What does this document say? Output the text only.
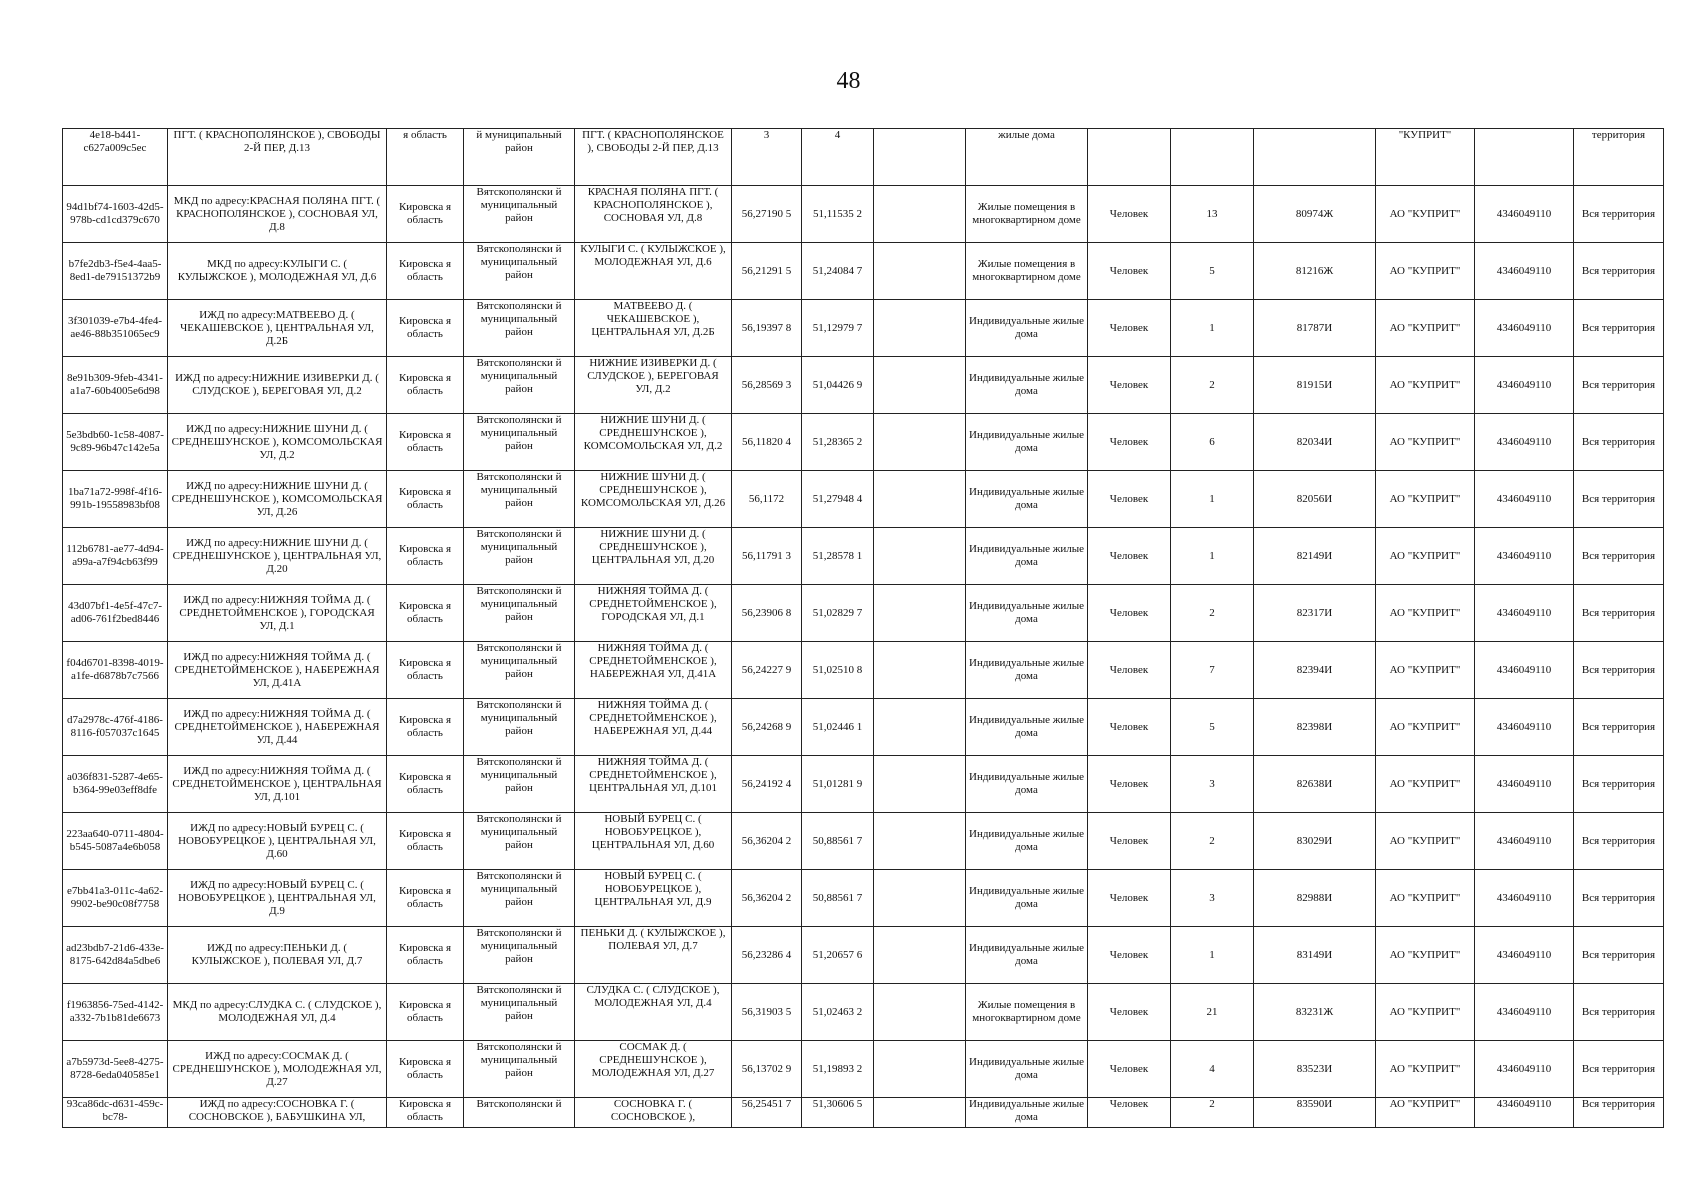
48
4e18-b441-c627a009c5ec	ПГТ. ( КРАСНОПОЛЯНСКОЕ ), СВОБОДЫ 2-Й ПЕР, Д.13	я область	й муниципальный район	ПГТ. ( КРАСНОПОЛЯНСКОЕ ), СВОБОДЫ 2-Й ПЕР, Д.13	3	4		жилые дома				"КУПРИТ"		территория
94d1bf74-1603-42d5-978b-cd1cd379c670	МКД по адресу:КРАСНАЯ ПОЛЯНА ПГТ. ( КРАСНОПОЛЯНСКОЕ ), СОСНОВАЯ УЛ, Д.8	Кировска я область	Вятскополянски й муниципальный район	КРАСНАЯ ПОЛЯНА ПГТ. ( КРАСНОПОЛЯНСКОЕ ), СОСНОВАЯ УЛ, Д.8	56,27190 5	51,11535 2		Жилые помещения в многоквартирном доме	Человек	13	80974Ж	АО "КУПРИТ"	4346049110	Вся территория
b7fe2db3-f5e4-4aa5-8ed1-de79151372b9	МКД по адресу:КУЛЫГИ С. ( КУЛЫЖСКОЕ ), МОЛОДЕЖНАЯ УЛ, Д.6	Кировска я область	Вятскополянски й муниципальный район	КУЛЫГИ С. ( КУЛЫЖСКОЕ ), МОЛОДЕЖНАЯ УЛ, Д.6	56,21291 5	51,24084 7		Жилые помещения в многоквартирном доме	Человек	5	81216Ж	АО "КУПРИТ"	4346049110	Вся территория
3f301039-e7b4-4fe4-ae46-88b351065ec9	ИЖД по адресу:МАТВЕЕВО Д. ( ЧЕКАШЕВСКОЕ ), ЦЕНТРАЛЬНАЯ УЛ, Д.2Б	Кировска я область	Вятскополянски й муниципальный район	МАТВЕЕВО Д. ( ЧЕКАШЕВСКОЕ ), ЦЕНТРАЛЬНАЯ УЛ, Д.2Б	56,19397 8	51,12979 7		Индивидуальные жилые дома	Человек	1	81787И	АО "КУПРИТ"	4346049110	Вся территория
8e91b309-9feb-4341-a1a7-60b4005e6d98	ИЖД по адресу:НИЖНИЕ ИЗИВЕРКИ Д. ( СЛУДСКОЕ ), БЕРЕГОВАЯ УЛ, Д.2	Кировска я область	Вятскополянски й муниципальный район	НИЖНИЕ ИЗИВЕРКИ Д. ( СЛУДСКОЕ ), БЕРЕГОВАЯ УЛ, Д.2	56,28569 3	51,04426 9		Индивидуальные жилые дома	Человек	2	81915И	АО "КУПРИТ"	4346049110	Вся территория
5e3bdb60-1c58-4087-9c89-96b47c142e5a	ИЖД по адресу:НИЖНИЕ ШУНИ Д. ( СРЕДНЕШУНСКОЕ ), КОМСОМОЛЬСКАЯ УЛ, Д.2	Кировска я область	Вятскополянски й муниципальный район	НИЖНИЕ ШУНИ Д. ( СРЕДНЕШУНСКОЕ ), КОМСОМОЛЬСКАЯ УЛ, Д.2	56,11820 4	51,28365 2		Индивидуальные жилые дома	Человек	6	82034И	АО "КУПРИТ"	4346049110	Вся территория
1ba71a72-998f-4f16-991b-19558983bf08	ИЖД по адресу:НИЖНИЕ ШУНИ Д. ( СРЕДНЕШУНСКОЕ ), КОМСОМОЛЬСКАЯ УЛ, Д.26	Кировска я область	Вятскополянски й муниципальный район	НИЖНИЕ ШУНИ Д. ( СРЕДНЕШУНСКОЕ ), КОМСОМОЛЬСКАЯ УЛ, Д.26	56,1172	51,27948 4		Индивидуальные жилые дома	Человек	1	82056И	АО "КУПРИТ"	4346049110	Вся территория
112b6781-ae77-4d94-a99a-a7f94cb63f99	ИЖД по адресу:НИЖНИЕ ШУНИ Д. ( СРЕДНЕШУНСКОЕ ), ЦЕНТРАЛЬНАЯ УЛ, Д.20	Кировска я область	Вятскополянски й муниципальный район	НИЖНИЕ ШУНИ Д. ( СРЕДНЕШУНСКОЕ ), ЦЕНТРАЛЬНАЯ УЛ, Д.20	56,11791 3	51,28578 1		Индивидуальные жилые дома	Человек	1	82149И	АО "КУПРИТ"	4346049110	Вся территория
43d07bf1-4e5f-47c7-ad06-761f2bed8446	ИЖД по адресу:НИЖНЯЯ ТОЙМА Д. ( СРЕДНЕТОЙМЕНСКОЕ ), ГОРОДСКАЯ УЛ, Д.1	Кировска я область	Вятскополянски й муниципальный район	НИЖНЯЯ ТОЙМА Д. ( СРЕДНЕТОЙМЕНСКОЕ ), ГОРОДСКАЯ УЛ, Д.1	56,23906 8	51,02829 7		Индивидуальные жилые дома	Человек	2	82317И	АО "КУПРИТ"	4346049110	Вся территория
f04d6701-8398-4019-a1fe-d6878b7c7566	ИЖД по адресу:НИЖНЯЯ ТОЙМА Д. ( СРЕДНЕТОЙМЕНСКОЕ ), НАБЕРЕЖНАЯ УЛ, Д.41А	Кировска я область	Вятскополянски й муниципальный район	НИЖНЯЯ ТОЙМА Д. ( СРЕДНЕТОЙМЕНСКОЕ ), НАБЕРЕЖНАЯ УЛ, Д.41А	56,24227 9	51,02510 8		Индивидуальные жилые дома	Человек	7	82394И	АО "КУПРИТ"	4346049110	Вся территория
d7a2978c-476f-4186-8116-f057037c1645	ИЖД по адресу:НИЖНЯЯ ТОЙМА Д. ( СРЕДНЕТОЙМЕНСКОЕ ), НАБЕРЕЖНАЯ УЛ, Д.44	Кировска я область	Вятскополянски й муниципальный район	НИЖНЯЯ ТОЙМА Д. ( СРЕДНЕТОЙМЕНСКОЕ ), НАБЕРЕЖНАЯ УЛ, Д.44	56,24268 9	51,02446 1		Индивидуальные жилые дома	Человек	5	82398И	АО "КУПРИТ"	4346049110	Вся территория
a036f831-5287-4e65-b364-99e03eff8dfe	ИЖД по адресу:НИЖНЯЯ ТОЙМА Д. ( СРЕДНЕТОЙМЕНСКОЕ ), ЦЕНТРАЛЬНАЯ УЛ, Д.101	Кировска я область	Вятскополянски й муниципальный район	НИЖНЯЯ ТОЙМА Д. ( СРЕДНЕТОЙМЕНСКОЕ ), ЦЕНТРАЛЬНАЯ УЛ, Д.101	56,24192 4	51,01281 9		Индивидуальные жилые дома	Человек	3	82638И	АО "КУПРИТ"	4346049110	Вся территория
223aa640-0711-4804-b545-5087a4e6b058	ИЖД по адресу:НОВЫЙ БУРЕЦ С. ( НОВОБУРЕЦКОЕ ), ЦЕНТРАЛЬНАЯ УЛ, Д.60	Кировска я область	Вятскополянски й муниципальный район	НОВЫЙ БУРЕЦ С. ( НОВОБУРЕЦКОЕ ), ЦЕНТРАЛЬНАЯ УЛ, Д.60	56,36204 2	50,88561 7		Индивидуальные жилые дома	Человек	2	83029И	АО "КУПРИТ"	4346049110	Вся территория
e7bb41a3-011c-4a62-9902-be90c08f7758	ИЖД по адресу:НОВЫЙ БУРЕЦ С. ( НОВОБУРЕЦКОЕ ), ЦЕНТРАЛЬНАЯ УЛ, Д.9	Кировска я область	Вятскополянски й муниципальный район	НОВЫЙ БУРЕЦ С. ( НОВОБУРЕЦКОЕ ), ЦЕНТРАЛЬНАЯ УЛ, Д.9	56,36204 2	50,88561 7		Индивидуальные жилые дома	Человек	3	82988И	АО "КУПРИТ"	4346049110	Вся территория
ad23bdb7-21d6-433e-8175-642d84a5dbe6	ИЖД по адресу:ПЕНЬКИ Д. ( КУЛЫЖСКОЕ ), ПОЛЕВАЯ УЛ, Д.7	Кировска я область	Вятскополянски й муниципальный район	ПЕНЬКИ Д. ( КУЛЫЖСКОЕ ), ПОЛЕВАЯ УЛ, Д.7	56,23286 4	51,20657 6		Индивидуальные жилые дома	Человек	1	83149И	АО "КУПРИТ"	4346049110	Вся территория
f1963856-75ed-4142-a332-7b1b81de6673	МКД по адресу:СЛУДКА С. ( СЛУДСКОЕ ), МОЛОДЕЖНАЯ УЛ, Д.4	Кировска я область	Вятскополянски й муниципальный район	СЛУДКА С. ( СЛУДСКОЕ ), МОЛОДЕЖНАЯ УЛ, Д.4	56,31903 5	51,02463 2		Жилые помещения в многоквартирном доме	Человек	21	83231Ж	АО "КУПРИТ"	4346049110	Вся территория
a7b5973d-5ee8-4275-8728-6eda040585e1	ИЖД по адресу:СОСМАК Д. ( СРЕДНЕШУНСКОЕ ), МОЛОДЕЖНАЯ УЛ, Д.27	Кировска я область	Вятскополянски й муниципальный район	СОСМАК Д. ( СРЕДНЕШУНСКОЕ ), МОЛОДЕЖНАЯ УЛ, Д.27	56,13702 9	51,19893 2		Индивидуальные жилые дома	Человек	4	83523И	АО "КУПРИТ"	4346049110	Вся территория
93ca86dc-d631-459c-bc78-	ИЖД по адресу:СОСНОВКА Г. ( СОСНОВСКОЕ ), БАБУШКИНА УЛ,	Кировска я область	Вятскополянски й	СОСНОВКА Г. ( СОСНОВСКОЕ ),	56,25451 7	51,30606 5		Индивидуальные жилые дома	Человек	2	83590И	АО "КУПРИТ"	4346049110	Вся территория
